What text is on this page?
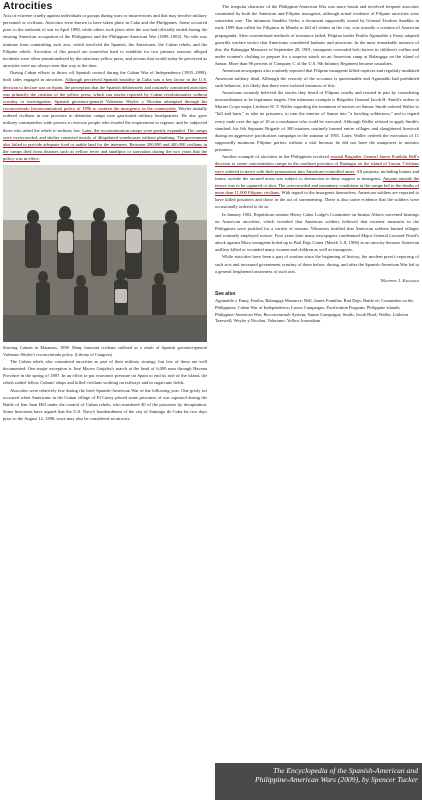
Atrocities

Acts of extreme cruelty against individuals or groups during wars or insurrections and that may involve military personnel or civilians. Atrocities were known to have taken place in Cuba and the Philippines. Some occurred prior to the outbreak of war in April 1898, while others took place after the war had officially ended during the ensuing American occupation of the Philippines and the Philippine-American War (1899–1902). No side was immune from committing such acts, which involved the Spanish, the Americans, the Cuban rebels, and the Filipino rebels. Atrocities of this period are somewhat hard to establish for two primary reasons: alleged incidents were often sensationalized by the salacious yellow press, and actions that would today be perceived as atrocities were not always seen that way at the time.

During Cuban efforts to throw off Spanish control during the Cuban War of Independence (1895–1898), both sides engaged in atrocities. Although perceived Spanish brutality in Cuba was a key factor in the U.S. decision to declare war on Spain, the perception that the Spanish deliberately and routinely committed atrocities was primarily the creation of the yellow press, which ran stories reported by Cuban revolutionaries without scrutiny or investigation. Spanish governor-general Valeriano Weyler y Nicolau attempted through his reconcentrado (reconcentration) policy of 1896 to weaken the insurgency in the countryside. Weyler initially ordered civilians in one province to detention camps near garrisoned military headquarters. He also gave military commanders wide powers to execute people who evaded the requirement to register, and he subjected those who aided the rebels to military law. Later, the reconcentration camps were greatly expanded. The camps were overcrowded, and shelter consisted mostly of dilapidated warehouses without plumbing. The government also failed to provide adequate food or arable land for the internees. Between 200,000 and 400,000 civilians in the camps died from diseases such as yellow fever and smallpox or starvation during the two years that the policy was in effect.

Starving Cubans in Matanzas, 1898. Many innocent civilians suffered as a result of Spanish governor-general Valeriano Weyler's reconcentrado policy. (Library of Congress)

The Cuban rebels also committed atrocities as part of their military strategy, but few of these are well documented. One major exception is José Maceo Grajales's march at the head of 6,000 men through Havana Province in the spring of 1897. In an effort to put economic pressure on Spain to end its rule of the island, the rebels raided fellow Cubans' shops and killed civilians working on railways and in sugarcane fields.

Atrocities were relatively few during the brief Spanish-American War of the following year. One grisly act occurred when Americans in the Cuban village of El Caney placed some prisoners of war captured during the Battle of San Juan Hill under the control of Cuban rebels, who murdered 40 of the prisoners by decapitation. Some historians have argued that the U.S. Navy's bombardment of the city of Santiago de Cuba for two days prior to the August 12, 1898, truce may also be considered an atrocity.

The irregular character of the Philippine-American War was more brutal and involved frequent atrocities committed by both the American and Filipino insurgents, although actual evidence of Filipino atrocities were somewhat rare. The infamous Sandiko Order, a document supposedly issued by General Teodoro Sandiko in early 1899 that called for Filipinos in Manila to kill all whites in the city, was actually a creation of American propaganda. After conventional methods of resistance failed, Filipino leader Emilio Aguinaldo y Famy adopted guerrilla warfare tactics that Americans considered barbaric and atrocious. In the most remarkable instance of this, the Balangiga Massacre of September 28, 1901, insurgents concealed bolo knives in children's coffins and under women's clothing to prepare for a surprise attack on an American camp at Balangiga on the island of Samar. More than 90 percent of Company C of the U.S. 9th Infantry Regiment became casualties.

American newspapers also routinely reported that Filipino insurgents killed captives and regularly mutilated American military dead. Although the veracity of the accounts is questionable and Aguinaldo had prohibited such behavior, it is likely that there were isolated instances of this.

Americans certainly believed the stories they heard of Filipino cruelty and reacted in part by considering noncombatants to be legitimate targets. One infamous example is Brigadier General Jacob H. Smith's orders to Marine Corps major Littleton W. T. Waller regarding the treatment of natives on Samar. Smith ordered Waller to "kill and burn," to take no prisoners, to turn the interior of Samar into "a howling wilderness," and to regard every male over the age of 10 as a combatant who could be executed. Although Waller refused to apply Smith's standard, his 6th Separate Brigade of 300 marines routinely burned entire villages and slaughtered livestock during an aggressive pacification campaign in the autumn of 1901. Later, Waller ordered the execution of 11 supposedly mutinous Filipino porters without a trial because he did not have the manpower to monitor prisoners.

Another example of atrocities in the Philippines revolved around Brigadier General James Franklin Bell's decision to create concentration camps in the southern province of Batangas on the island of Luzon. Civilians were ordered to move with their possessions into American-controlled areas. All property, including homes and farms, outside the secured areas was subject to destruction to deny support to insurgents. Anyone outside the fences was to be captured or shot. The overcrowded and unsanitary conditions in the camps led to the deaths of more than 11,000 Filipino civilians. With regard to the insurgents themselves, American soldiers are reported to have killed prisoners and those in the act of surrendering. There is also some evidence that the soldiers were occasionally ordered to do so.

In January 1902, Republican senator Henry Cabot Lodge's Committee on Insular Affairs convened hearings on American atrocities, which revealed that American soldiers believed that extreme measures in the Philippines were justified for a variety of reasons. Witnesses testified that American soldiers burned villages and routinely employed torture. Four years later many newspapers condemned Major General Leonard Wood's attack against Moro insurgents holed up in Bud Dajo Crater (March 5–8, 1906) as an atrocity because American artillery killed or wounded many women and children as well as insurgents.

While atrocities have been a part of warfare since the beginning of history, the modern press's reporting of such acts and increased government scrutiny of them before, during, and after the Spanish-American War led to a general heightened awareness of such acts.

Matthew J. Krogman
See also
Aguinaldo y Famy, Emilio; Balangiga Massacre; Bell, James Franklin; Bud Dajo, Battle of; Committee on the Philippines; Cuban War of Independence; Luzon Campaigns; Pacification Program, Philippine Islands; Philippine-American War; Reconcentrado System; Samar Campaigns; Smith, Jacob Hurd; Waller, Littleton Tazewell; Weyler y Nicolau, Valeriano; Yellow Journalism
The Encyclopedia of the Spanish-American and
Philippine-American Wars (2009), by Spencer Tucker
